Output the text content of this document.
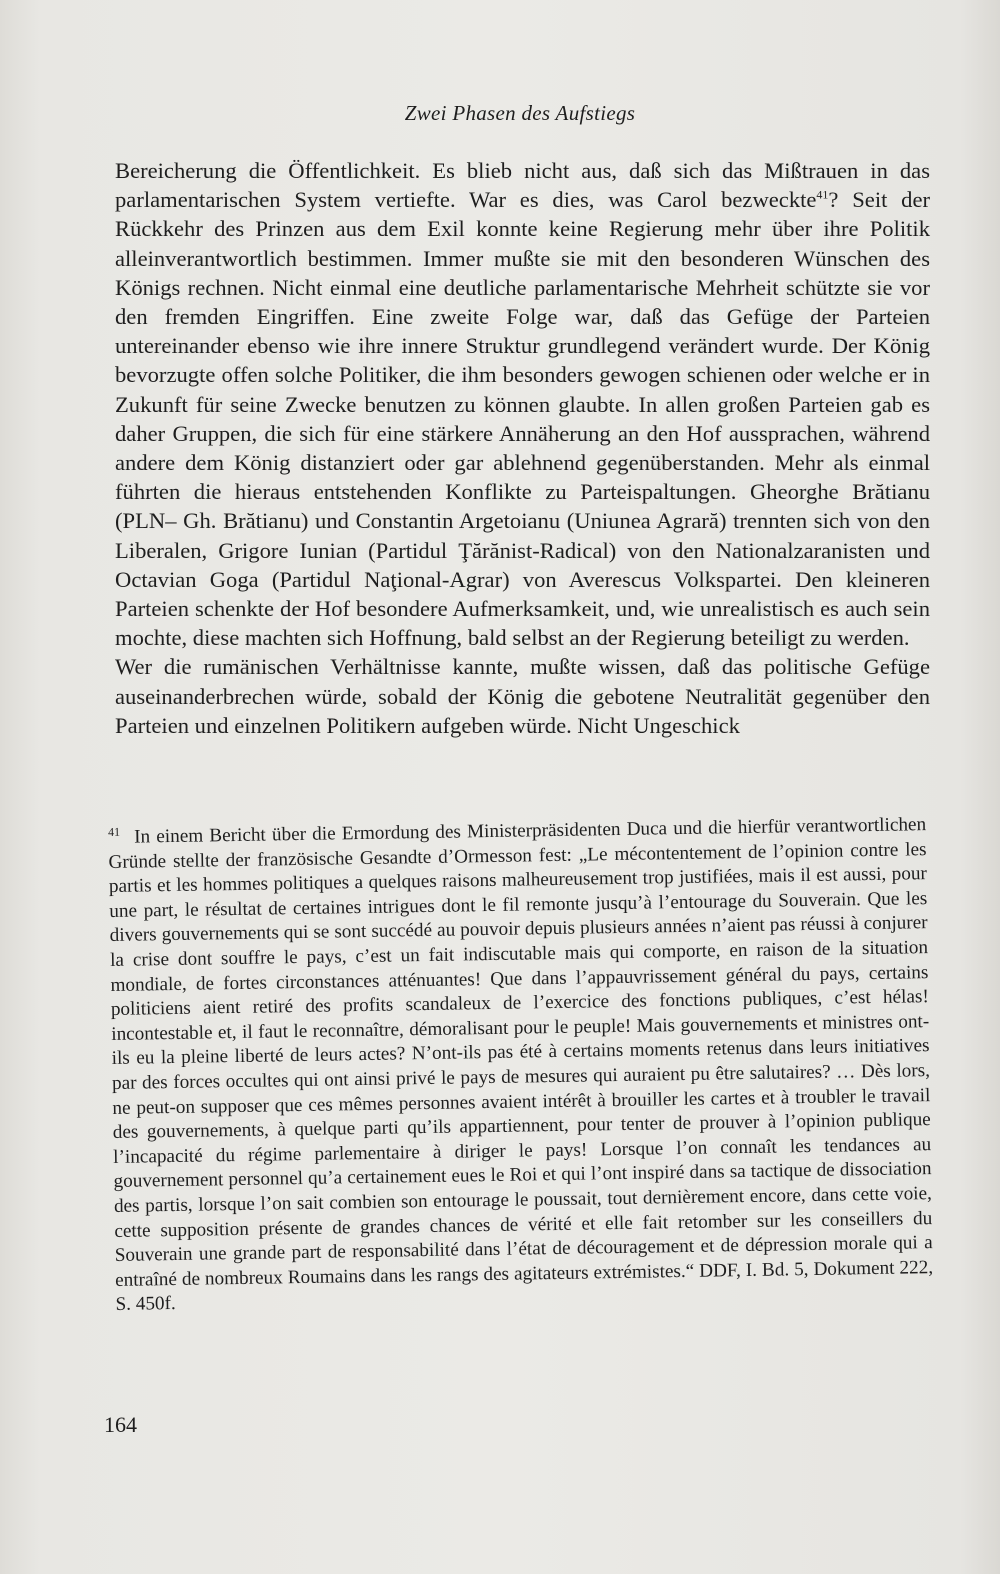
Zwei Phasen des Aufstiegs

Bereicherung die Öffentlichkeit. Es blieb nicht aus, daß sich das Mißtrauen in das parlamentarischen System vertiefte. War es dies, was Carol bezweckte$^{41}$? Seit der Rückkehr des Prinzen aus dem Exil konnte keine Regierung mehr über ihre Politik alleinverantwortlich bestimmen. Immer mußte sie mit den besonderen Wünschen des Königs rechnen. Nicht einmal eine deutliche parlamentarische Mehrheit schützte sie vor den fremden Eingriffen. Eine zweite Folge war, daß das Gefüge der Parteien untereinander ebenso wie ihre innere Struktur grundlegend verändert wurde. Der König bevorzugte offen solche Politiker, die ihm besonders gewogen schienen oder welche er in Zukunft für seine Zwecke benutzen zu können glaubte. In allen großen Parteien gab es daher Gruppen, die sich für eine stärkere Annäherung an den Hof aussprachen, während andere dem König distanziert oder gar ablehnend gegenüberstanden. Mehr als einmal führten die hieraus entstehenden Konflikte zu Parteispaltungen. Gheorghe Brătianu (PLN– Gh. Brătianu) und Constantin Argetoianu (Uniunea Agrară) trennten sich von den Liberalen, Grigore Iunian (Partidul Ţărănist-Radical) von den Nationalzaranisten und Octavian Goga (Partidul Naţional-Agrar) von Averescus Volkspartei. Den kleineren Parteien schenkte der Hof besondere Aufmerksamkeit, und, wie unrealistisch es auch sein mochte, diese machten sich Hoffnung, bald selbst an der Regierung beteiligt zu werden.

Wer die rumänischen Verhältnisse kannte, mußte wissen, daß das politische Gefüge auseinanderbrechen würde, sobald der König die gebotene Neutralität gegenüber den Parteien und einzelnen Politikern aufgeben würde. Nicht Ungeschick

$^{41}$ In einem Bericht über die Ermordung des Ministerpräsidenten Duca und die hierfür verantwortlichen Gründe stellte der französische Gesandte d’Ormesson fest: „Le mécontentement de l’opinion contre les partis et les hommes politiques a quelques raisons malheureusement trop justifiées, mais il est aussi, pour une part, le résultat de certaines intrigues dont le fil remonte jusqu’à l’entourage du Souverain. Que les divers gouvernements qui se sont succédé au pouvoir depuis plusieurs années n’aient pas réussi à conjurer la crise dont souffre le pays, c’est un fait indiscutable mais qui comporte, en raison de la situation mondiale, de fortes circonstances atténuantes! Que dans l’appauvrissement général du pays, certains politiciens aient retiré des profits scandaleux de l’exercice des fonctions publiques, c’est hélas! incontestable et, il faut le reconnaître, démoralisant pour le peuple! Mais gouvernements et ministres ont-ils eu la pleine liberté de leurs actes? N’ont-ils pas été à certains moments retenus dans leurs initiatives par des forces occultes qui ont ainsi privé le pays de mesures qui auraient pu être salutaires? … Dès lors, ne peut-on supposer que ces mêmes personnes avaient intérêt à brouiller les cartes et à troubler le travail des gouvernements, à quelque parti qu’ils appartiennent, pour tenter de prouver à l’opinion publique l’incapacité du régime parlementaire à diriger le pays! Lorsque l’on connaît les tendances au gouvernement personnel qu’a certainement eues le Roi et qui l’ont inspiré dans sa tactique de dissociation des partis, lorsque l’on sait combien son entourage le poussait, tout dernièrement encore, dans cette voie, cette supposition présente de grandes chances de vérité et elle fait retomber sur les conseillers du Souverain une grande part de responsabilité dans l’état de découragement et de dépression morale qui a entraîné de nombreux Roumains dans les rangs des agitateurs extrémistes.“ DDF, I. Bd. 5, Dokument 222, S. 450f.

164
